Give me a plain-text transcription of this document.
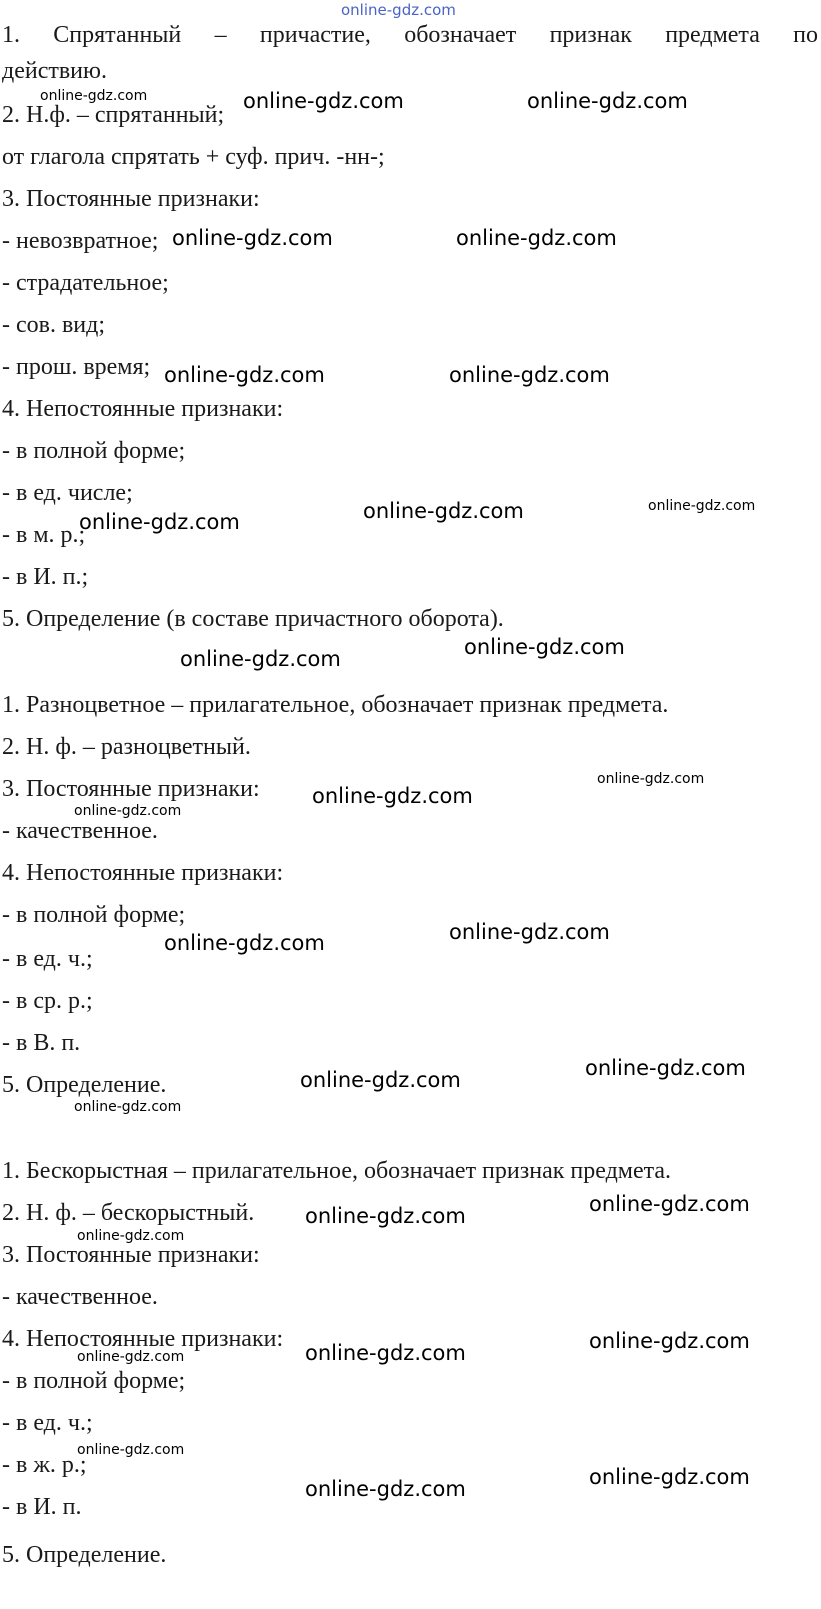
online-gdz.com
1. Спрятанный – причастие, обозначает признак предмета по
действию.
2. Н.ф. – спрятанный;
от глагола спрятать + суф. прич. -нн-;
3. Постоянные признаки:
- невозвратное;
- страдательное;
- сов. вид;
- прош. время;
4. Непостоянные признаки:
- в полной форме;
- в ед. числе;
- в м. р.;
- в И. п.;
5. Определение (в составе причастного оборота).
1. Разноцветное – прилагательное, обозначает признак предмета.
2. Н. ф. – разноцветный.
3. Постоянные признаки:
- качественное.
4. Непостоянные признаки:
- в полной форме;
- в ед. ч.;
- в ср. р.;
- в В. п.
5. Определение.
1. Бескорыстная – прилагательное, обозначает признак предмета.
2. Н. ф. – бескорыстный.
3. Постоянные признаки:
- качественное.
4. Непостоянные признаки:
- в полной форме;
- в ед. ч.;
- в ж. р.;
- в И. п.
5. Определение.
online-gdz.com	online-gdz.com
online-gdz.com	online-gdz.com
online-gdz.com	online-gdz.com
online-gdz.com
online-gdz.com
online-gdz.com
online-gdz.com
online-gdz.com
online-gdz.com
online-gdz.com
online-gdz.com
online-gdz.com
online-gdz.com
online-gdz.com
online-gdz.com
online-gdz.com
online-gdz.com
online-gdz.com
online-gdz.com
online-gdz.com
online-gdz.com
online-gdz.com
online-gdz.com
online-gdz.com
online-gdz.com
online-gdz.com
